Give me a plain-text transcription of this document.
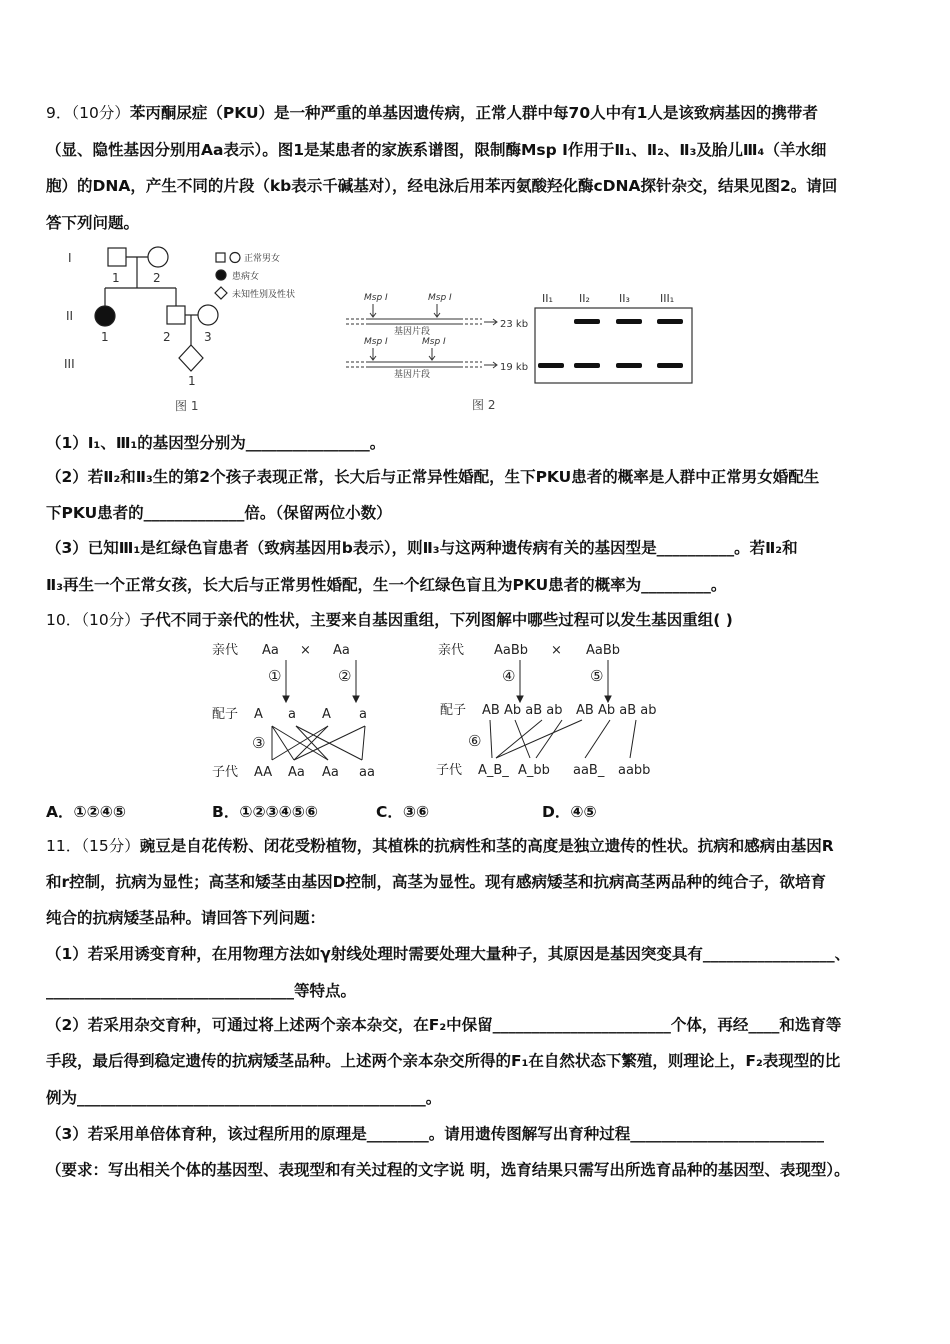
9．（10分）苯丙酮尿症（PKU）是一种严重的单基因遗传病，正常人群中每70人中有1人是该致病基因的携带者
（显、隐性基因分别用Aa表示）。图1是某患者的家族系谱图，限制酶Msp I作用于Ⅱ₁、Ⅱ₂、Ⅱ₃及胎儿Ⅲ₄（羊水细
胞）的DNA，产生不同的片段（kb表示千碱基对），经电泳后用苯丙氨酸羟化酶cDNA探针杂交，结果见图2。请回
答下列问题。
I
II
III
1	2
1	2	3
1
正常男女
患病女
未知性别及性状
图 1
Msp I	Msp I
基因片段
Msp I	Msp I
基因片段
23 kb
19 kb
II₁ II₂	II₃	III₁
图 2
（1）I₁、Ⅲ₁的基因型分别为________________。
（2）若Ⅱ₂和Ⅱ₃生的第2个孩子表现正常，长大后与正常异性婚配，生下PKU患者的概率是人群中正常男女婚配生
下PKU患者的_____________倍。（保留两位小数）
（3）已知Ⅲ₁是红绿色盲患者（致病基因用b表示），则Ⅱ₃与这两种遗传病有关的基因型是__________。若Ⅱ₂和
Ⅱ₃再生一个正常女孩，长大后与正常男性婚配，生一个红绿色盲且为PKU患者的概率为_________。
10．（10分）子代不同于亲代的性状，主要来自基因重组，下列图解中哪些过程可以发生基因重组( )
亲代 Aa × Aa
①	②
配子 A a A a
③
子代 AA Aa Aa aa
亲代 AaBb × AaBb
④	⑤
配子 AB Ab aB ab AB Ab aB ab
⑥
子代 A_B_ A_bb aaB_ aabb
A．①②④⑤	B．①②③④⑤⑥	C．③⑥	D．④⑤
11．（15分）豌豆是自花传粉、闭花受粉植物，其植株的抗病性和茎的高度是独立遗传的性状。抗病和感病由基因R
和r控制，抗病为显性；高茎和矮茎由基因D控制，高茎为显性。现有感病矮茎和抗病高茎两品种的纯合子，欲培育
纯合的抗病矮茎品种。请回答下列问题：
（1）若采用诱变育种，在用物理方法如γ射线处理时需要处理大量种子，其原因是基因突变具有_________________、
________________________________等特点。
（2）若采用杂交育种，可通过将上述两个亲本杂交，在F₂中保留_______________________个体，再经____和选育等
手段，最后得到稳定遗传的抗病矮茎品种。上述两个亲本杂交所得的F₁在自然状态下繁殖，则理论上，F₂表现型的比
例为_____________________________________________。
（3）若采用单倍体育种，该过程所用的原理是________。请用遗传图解写出育种过程_________________________
（要求：写出相关个体的基因型、表现型和有关过程的文字说 明，选育结果只需写出所选育品种的基因型、表现型）。
